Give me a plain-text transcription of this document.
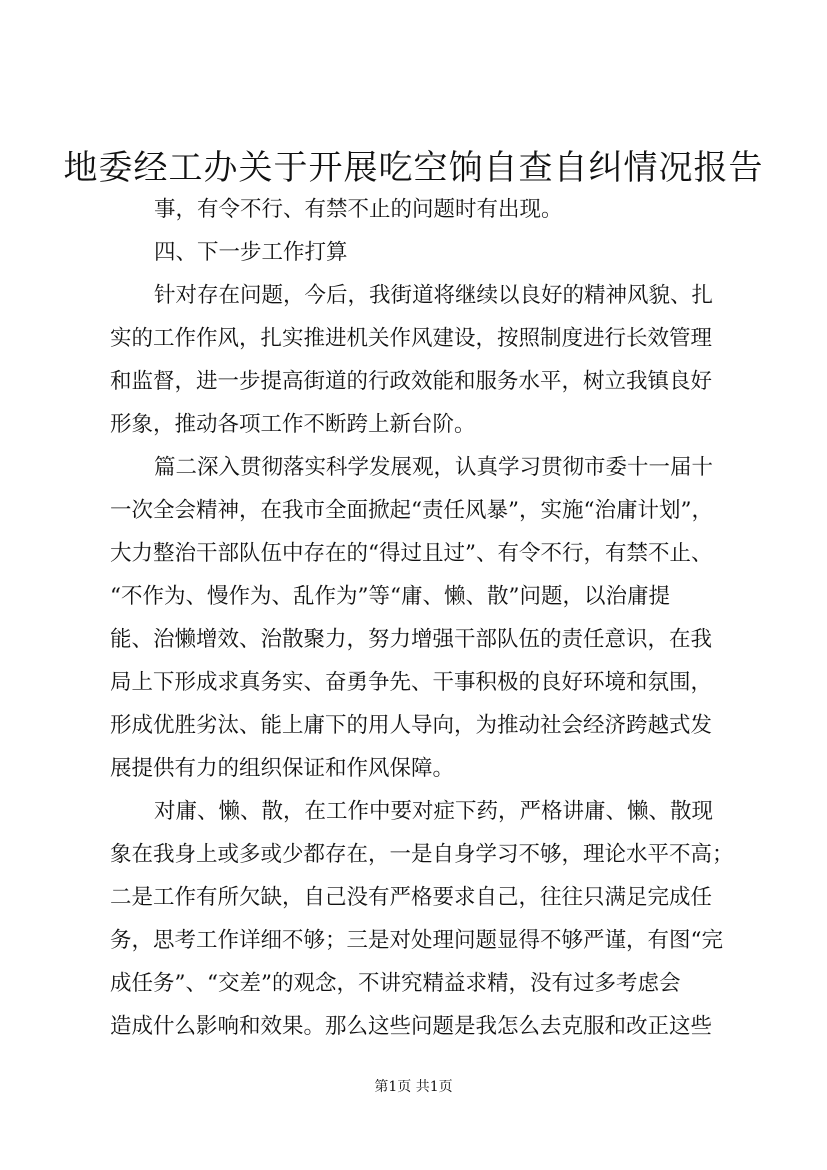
地委经工办关于开展吃空饷自查自纠情况报告

事，有令不行、有禁不止的问题时有出现。

四、下一步工作打算

针对存在问题，今后，我街道将继续以良好的精神风貌、扎

实的工作作风，扎实推进机关作风建设，按照制度进行长效管理

和监督，进一步提高街道的行政效能和服务水平，树立我镇良好

形象，推动各项工作不断跨上新台阶。

篇二深入贯彻落实科学发展观，认真学习贯彻市委十一届十

一次全会精神，在我市全面掀起“责任风暴”，实施“治庸计划”，

大力整治干部队伍中存在的“得过且过”、有令不行，有禁不止、

“不作为、慢作为、乱作为”等“庸、懒、散”问题，以治庸提

能、治懒增效、治散聚力，努力增强干部队伍的责任意识，在我

局上下形成求真务实、奋勇争先、干事积极的良好环境和氛围，

形成优胜劣汰、能上庸下的用人导向，为推动社会经济跨越式发

展提供有力的组织保证和作风保障。

对庸、懒、散，在工作中要对症下药，严格讲庸、懒、散现

象在我身上或多或少都存在，一是自身学习不够，理论水平不高；

二是工作有所欠缺，自己没有严格要求自己，往往只满足完成任

务，思考工作详细不够；三是对处理问题显得不够严谨，有图“完

成任务”、“交差”的观念，不讲究精益求精，没有过多考虑会

造成什么影响和效果。那么这些问题是我怎么去克服和改正这些

第1页 共1页
